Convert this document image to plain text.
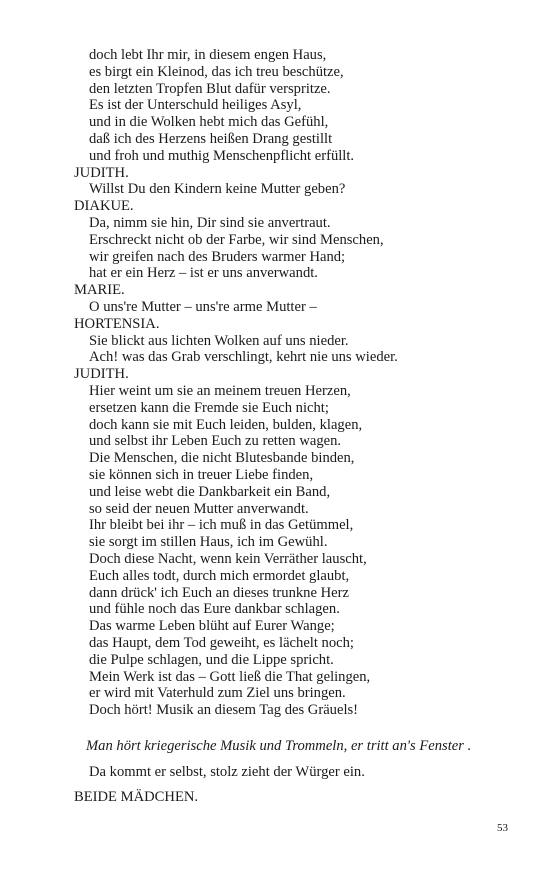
doch lebt Ihr mir, in diesem engen Haus,
es birgt ein Kleinod, das ich treu beschütze,
den letzten Tropfen Blut dafür verspritze.
Es ist der Unterschuld heiliges Asyl,
und in die Wolken hebt mich das Gefühl,
daß ich des Herzens heißen Drang gestillt
und froh und muthig Menschenpflicht erfüllt.
JUDITH.
Willst Du den Kindern keine Mutter geben?
DIAKUE.
Da, nimm sie hin, Dir sind sie anvertraut.
Erschreckt nicht ob der Farbe, wir sind Menschen,
wir greifen nach des Bruders warmer Hand;
hat er ein Herz – ist er uns anverwandt.
MARIE.
O uns're Mutter – uns're arme Mutter –
HORTENSIA.
Sie blickt aus lichten Wolken auf uns nieder.
Ach! was das Grab verschlingt, kehrt nie uns wieder.
JUDITH.
Hier weint um sie an meinem treuen Herzen,
ersetzen kann die Fremde sie Euch nicht;
doch kann sie mit Euch leiden, bulden, klagen,
und selbst ihr Leben Euch zu retten wagen.
Die Menschen, die nicht Blutesbande binden,
sie können sich in treuer Liebe finden,
und leise webt die Dankbarkeit ein Band,
so seid der neuen Mutter anverwandt.
Ihr bleibt bei ihr – ich muß in das Getümmel,
sie sorgt im stillen Haus, ich im Gewühl.
Doch diese Nacht, wenn kein Verräther lauscht,
Euch alles todt, durch mich ermordet glaubt,
dann drück' ich Euch an dieses trunkne Herz
und fühle noch das Eure dankbar schlagen.
Das warme Leben blüht auf Eurer Wange;
das Haupt, dem Tod geweiht, es lächelt noch;
die Pulpe schlagen, und die Lippe spricht.
Mein Werk ist das – Gott ließ die That gelingen,
er wird mit Vaterhuld zum Ziel uns bringen.
Doch hört! Musik an diesem Tag des Gräuels!
Man hört kriegerische Musik und Trommeln, er tritt an's Fenster .
Da kommt er selbst, stolz zieht der Würger ein.
BEIDE MÄDCHEN.
53
